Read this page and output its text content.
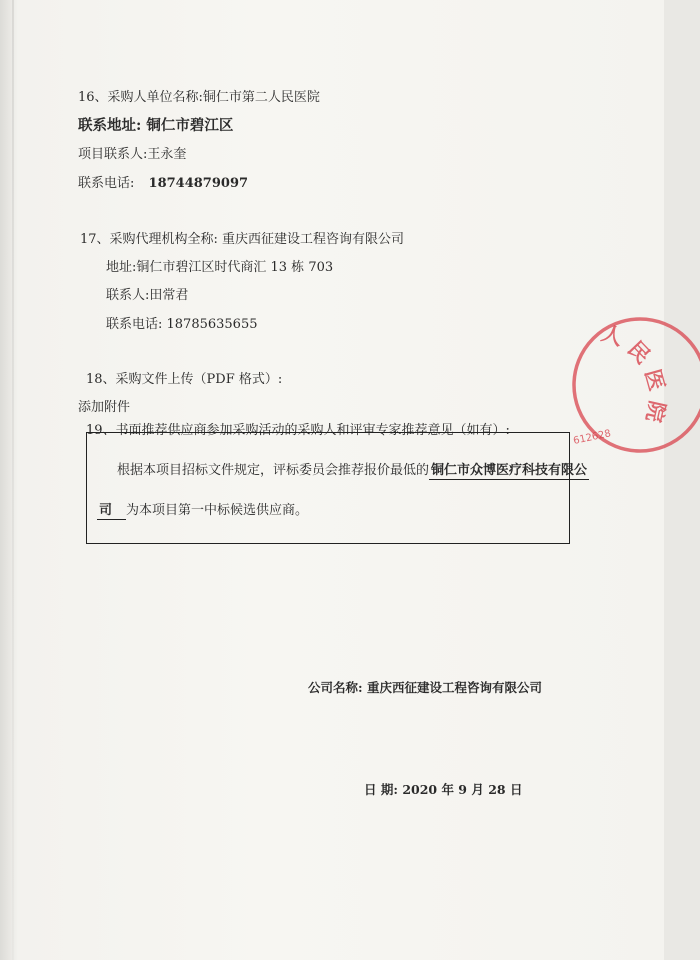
16、采购人单位名称:铜仁市第二人民医院
联系地址: 铜仁市碧江区
项目联系人:王永奎
联系电话: 18744879097
17、采购代理机构全称: 重庆西征建设工程咨询有限公司
地址:铜仁市碧江区时代商汇 13 栋 703
联系人:田常君
联系电话: 18785635655
18、采购文件上传（PDF 格式）:
添加附件
19、书面推荐供应商参加采购活动的采购人和评审专家推荐意见（如有）:
根据本项目招标文件规定，评标委员会推荐报价最低的 铜仁市众博医疗科技有限公
司 为本项目第一中标候选供应商。
公司名称: 重庆西征建设工程咨询有限公司
日 期: 2020 年 9 月 28 日
人 民 医 院
612628
